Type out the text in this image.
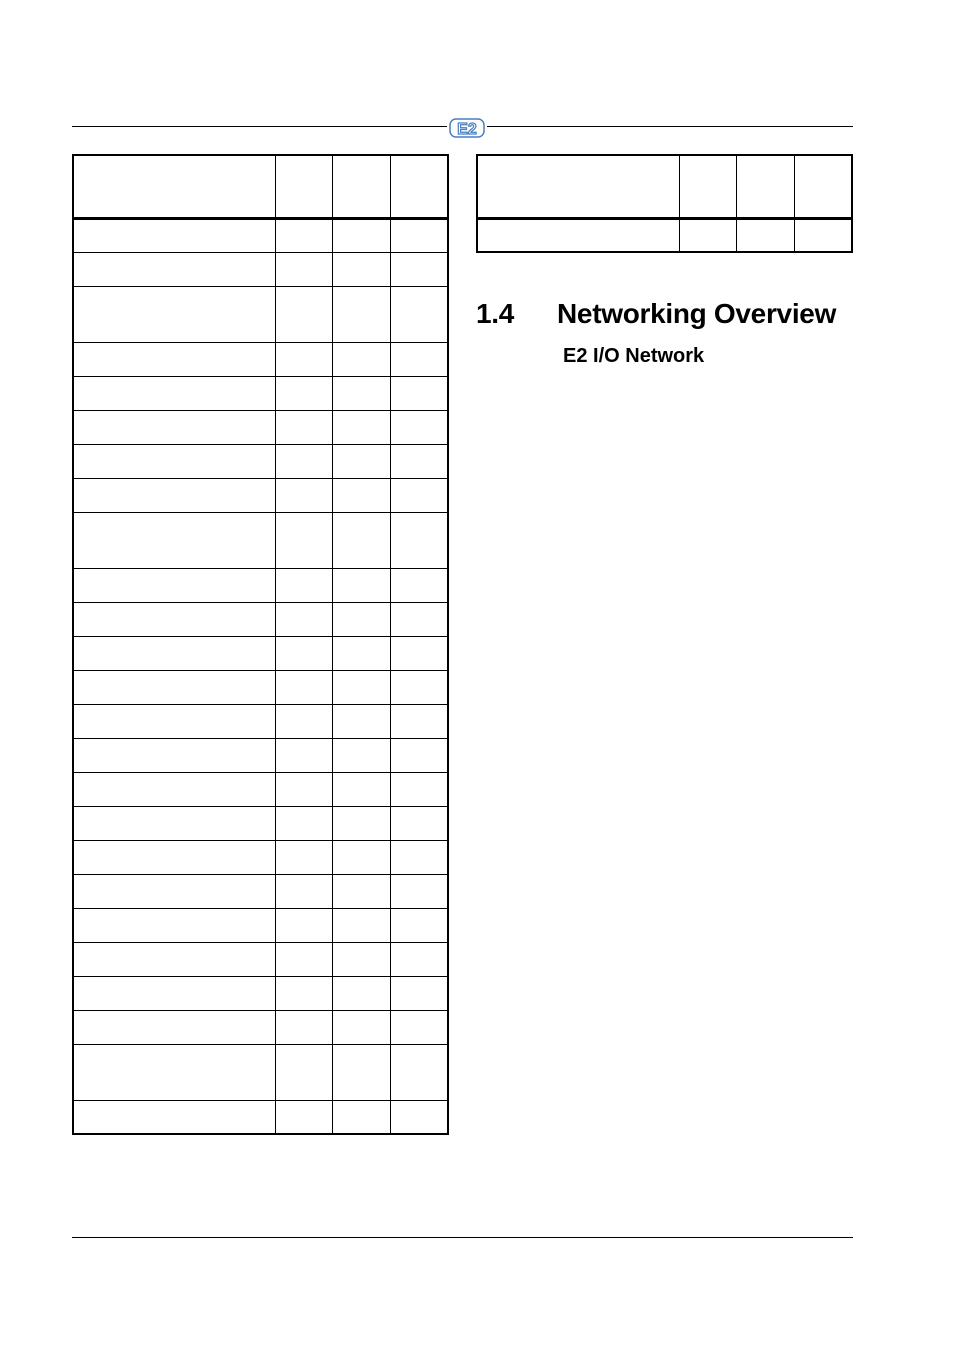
E2

1.4 Networking Overview
E2 I/O Network
